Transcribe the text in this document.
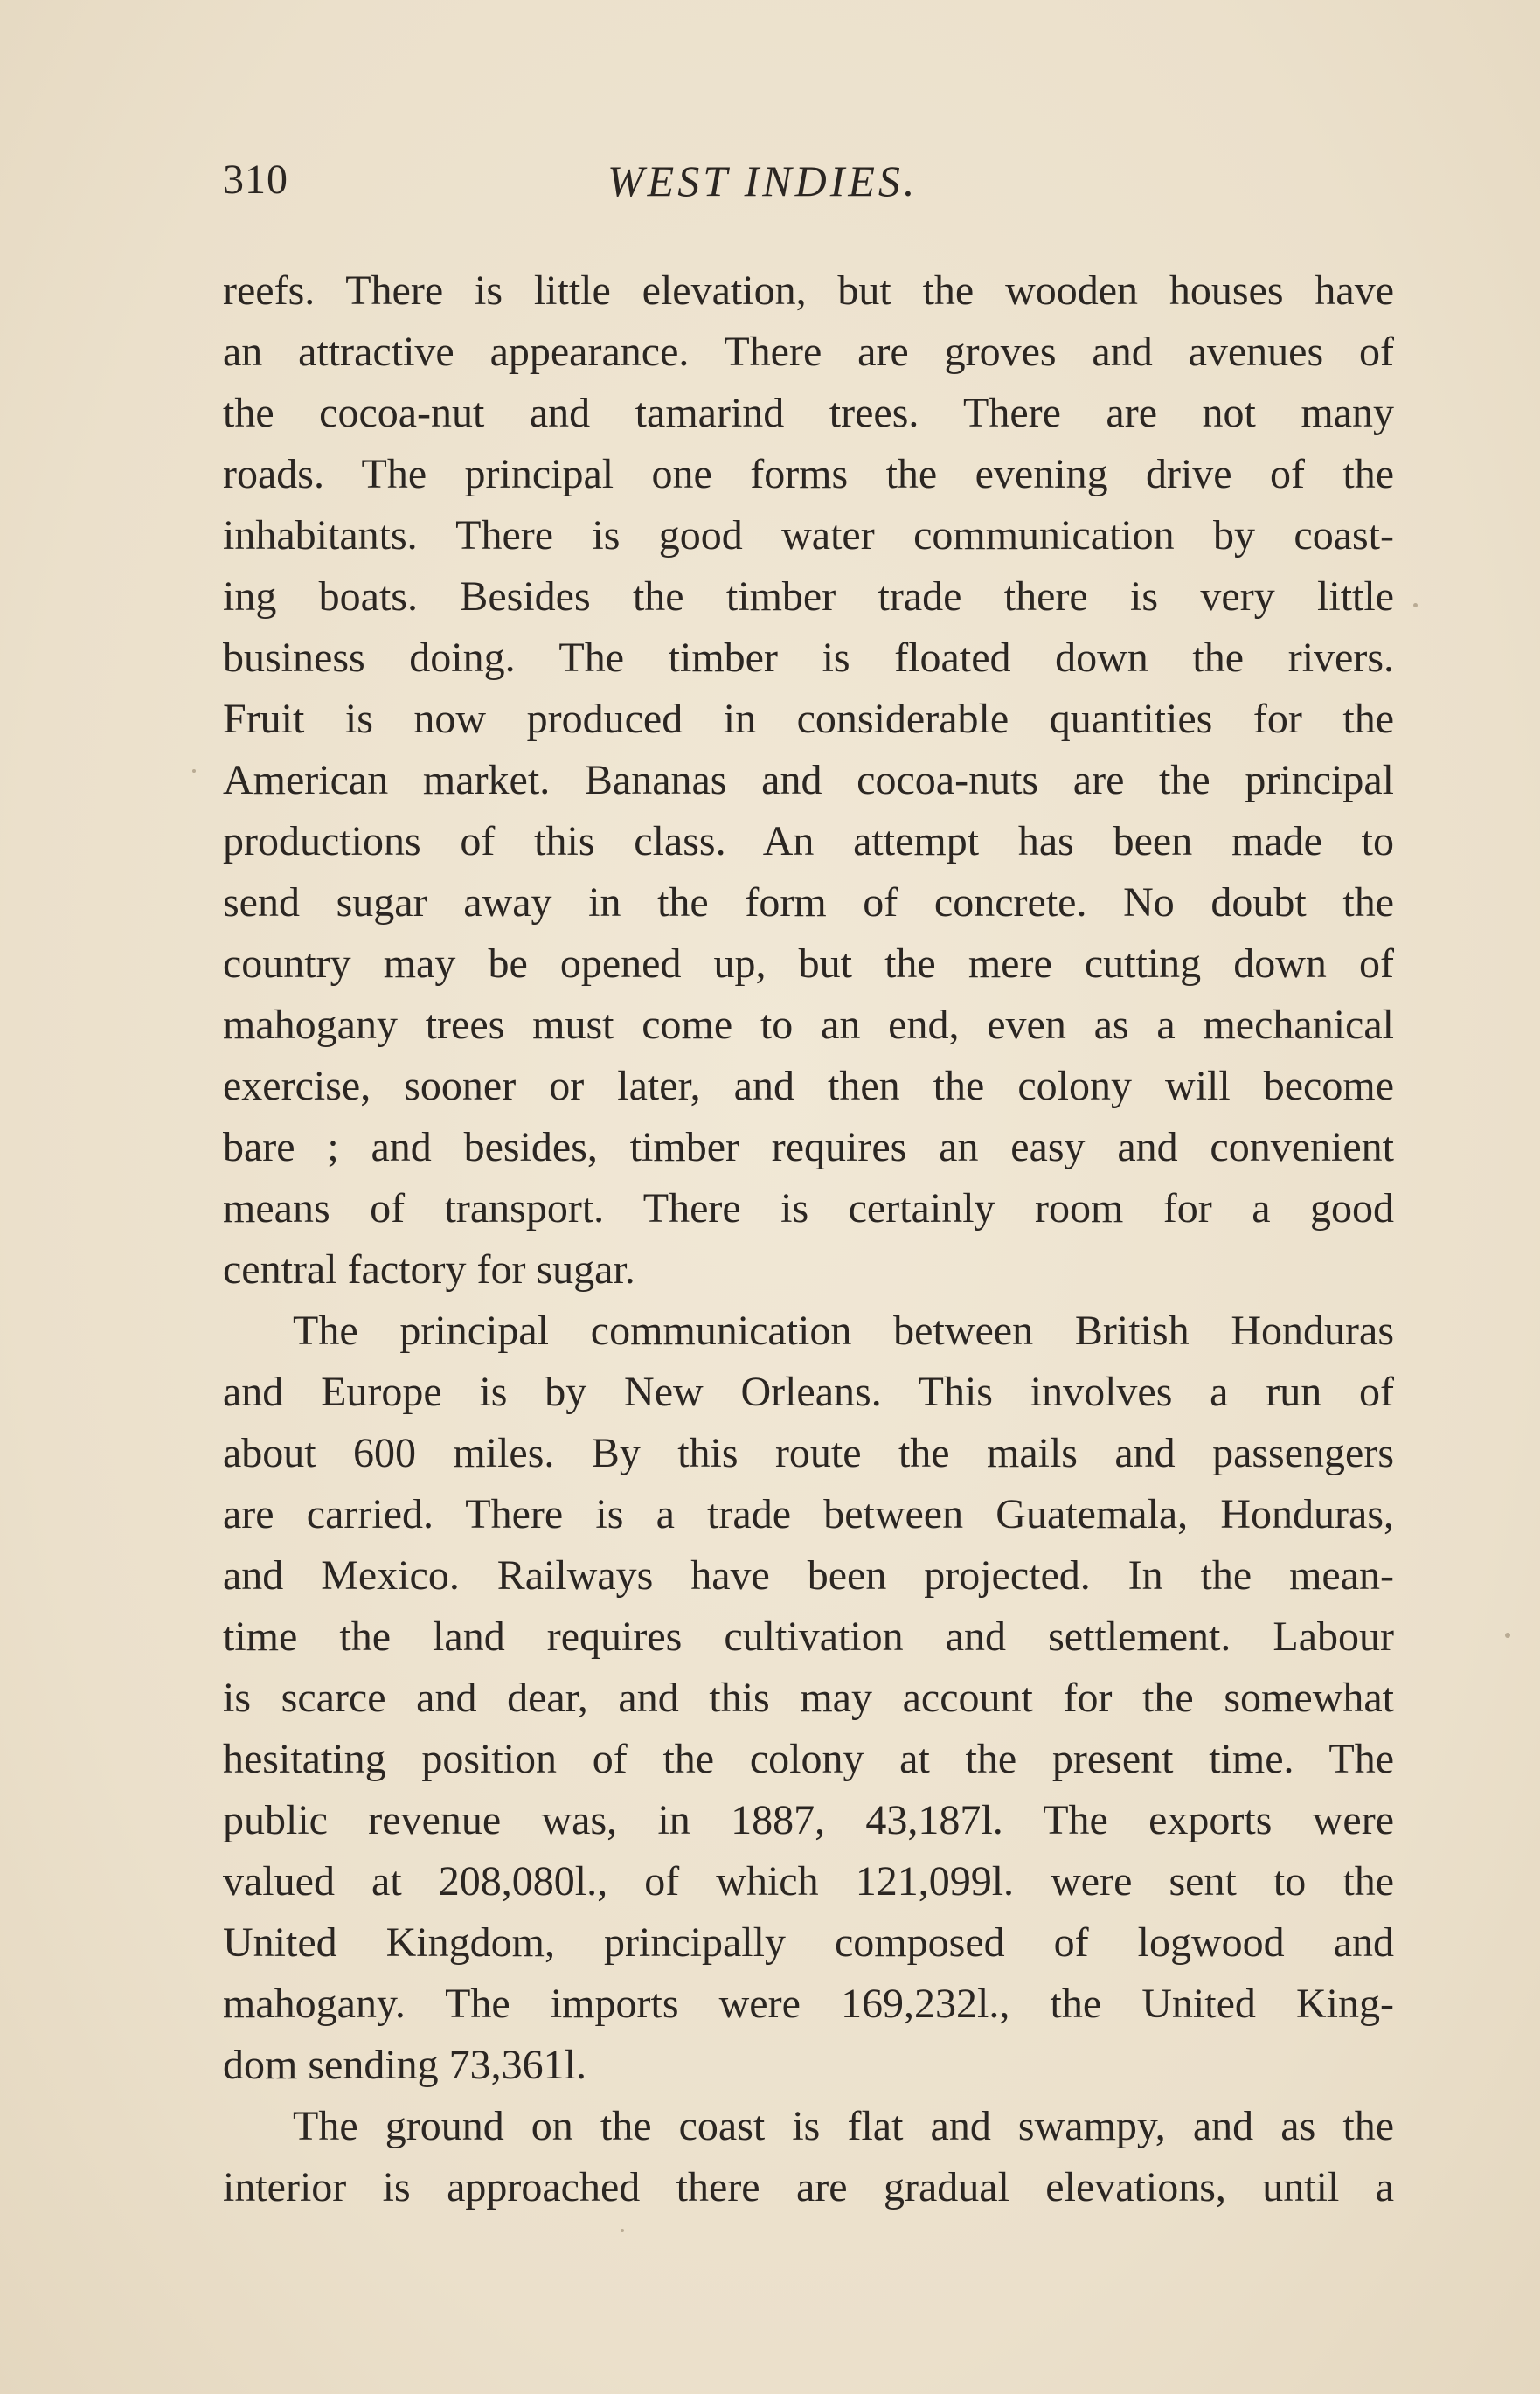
310	WEST INDIES.
reefs. There is little elevation, but the wooden houses have
an attractive appearance. There are groves and avenues of
the cocoa-nut and tamarind trees. There are not many
roads. The principal one forms the evening drive of the
inhabitants. There is good water communication by coast-
ing boats. Besides the timber trade there is very little
business doing. The timber is floated down the rivers.
Fruit is now produced in considerable quantities for the
American market. Bananas and cocoa-nuts are the principal
productions of this class. An attempt has been made to
send sugar away in the form of concrete. No doubt the
country may be opened up, but the mere cutting down of
mahogany trees must come to an end, even as a mechanical
exercise, sooner or later, and then the colony will become
bare ; and besides, timber requires an easy and convenient
means of transport. There is certainly room for a good
central factory for sugar.
The principal communication between British Honduras
and Europe is by New Orleans. This involves a run of
about 600 miles. By this route the mails and passengers
are carried. There is a trade between Guatemala, Honduras,
and Mexico. Railways have been projected. In the mean-
time the land requires cultivation and settlement. Labour
is scarce and dear, and this may account for the somewhat
hesitating position of the colony at the present time. The
public revenue was, in 1887, 43,187l. The exports were
valued at 208,080l., of which 121,099l. were sent to the
United Kingdom, principally composed of logwood and
mahogany. The imports were 169,232l., the United King-
dom sending 73,361l.
The ground on the coast is flat and swampy, and as the
interior is approached there are gradual elevations, until a
